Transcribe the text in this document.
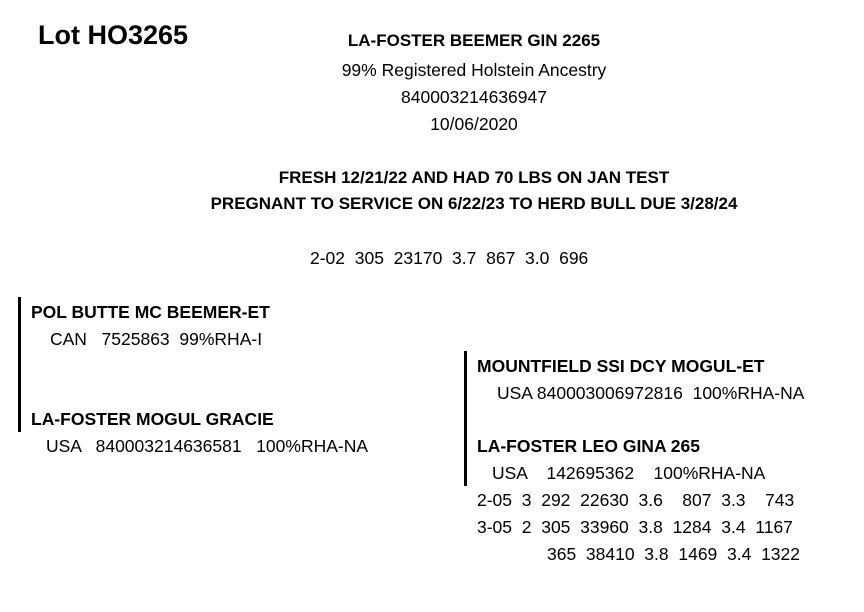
Lot HO3265	LA-FOSTER BEEMER GIN 2265
99% Registered Holstein Ancestry
840003214636947
10/06/2020
FRESH 12/21/22 AND HAD 70 LBS ON JAN TEST
PREGNANT TO SERVICE ON 6/22/23 TO HERD BULL DUE 3/28/24
2-02  305  23170  3.7  867  3.0  696
POL BUTTE MC BEEMER-ET
CAN   7525863  99%RHA-I
LA-FOSTER MOGUL GRACIE
USA   840003214636581   100%RHA-NA
MOUNTFIELD SSI DCY MOGUL-ET
USA 840003006972816  100%RHA-NA
LA-FOSTER LEO GINA 265
USA    142695362    100%RHA-NA
2-05  3  292  22630  3.6    807  3.3    743
3-05  2  305  33960  3.8  1284  3.4  1167
365  38410  3.8  1469  3.4  1322
